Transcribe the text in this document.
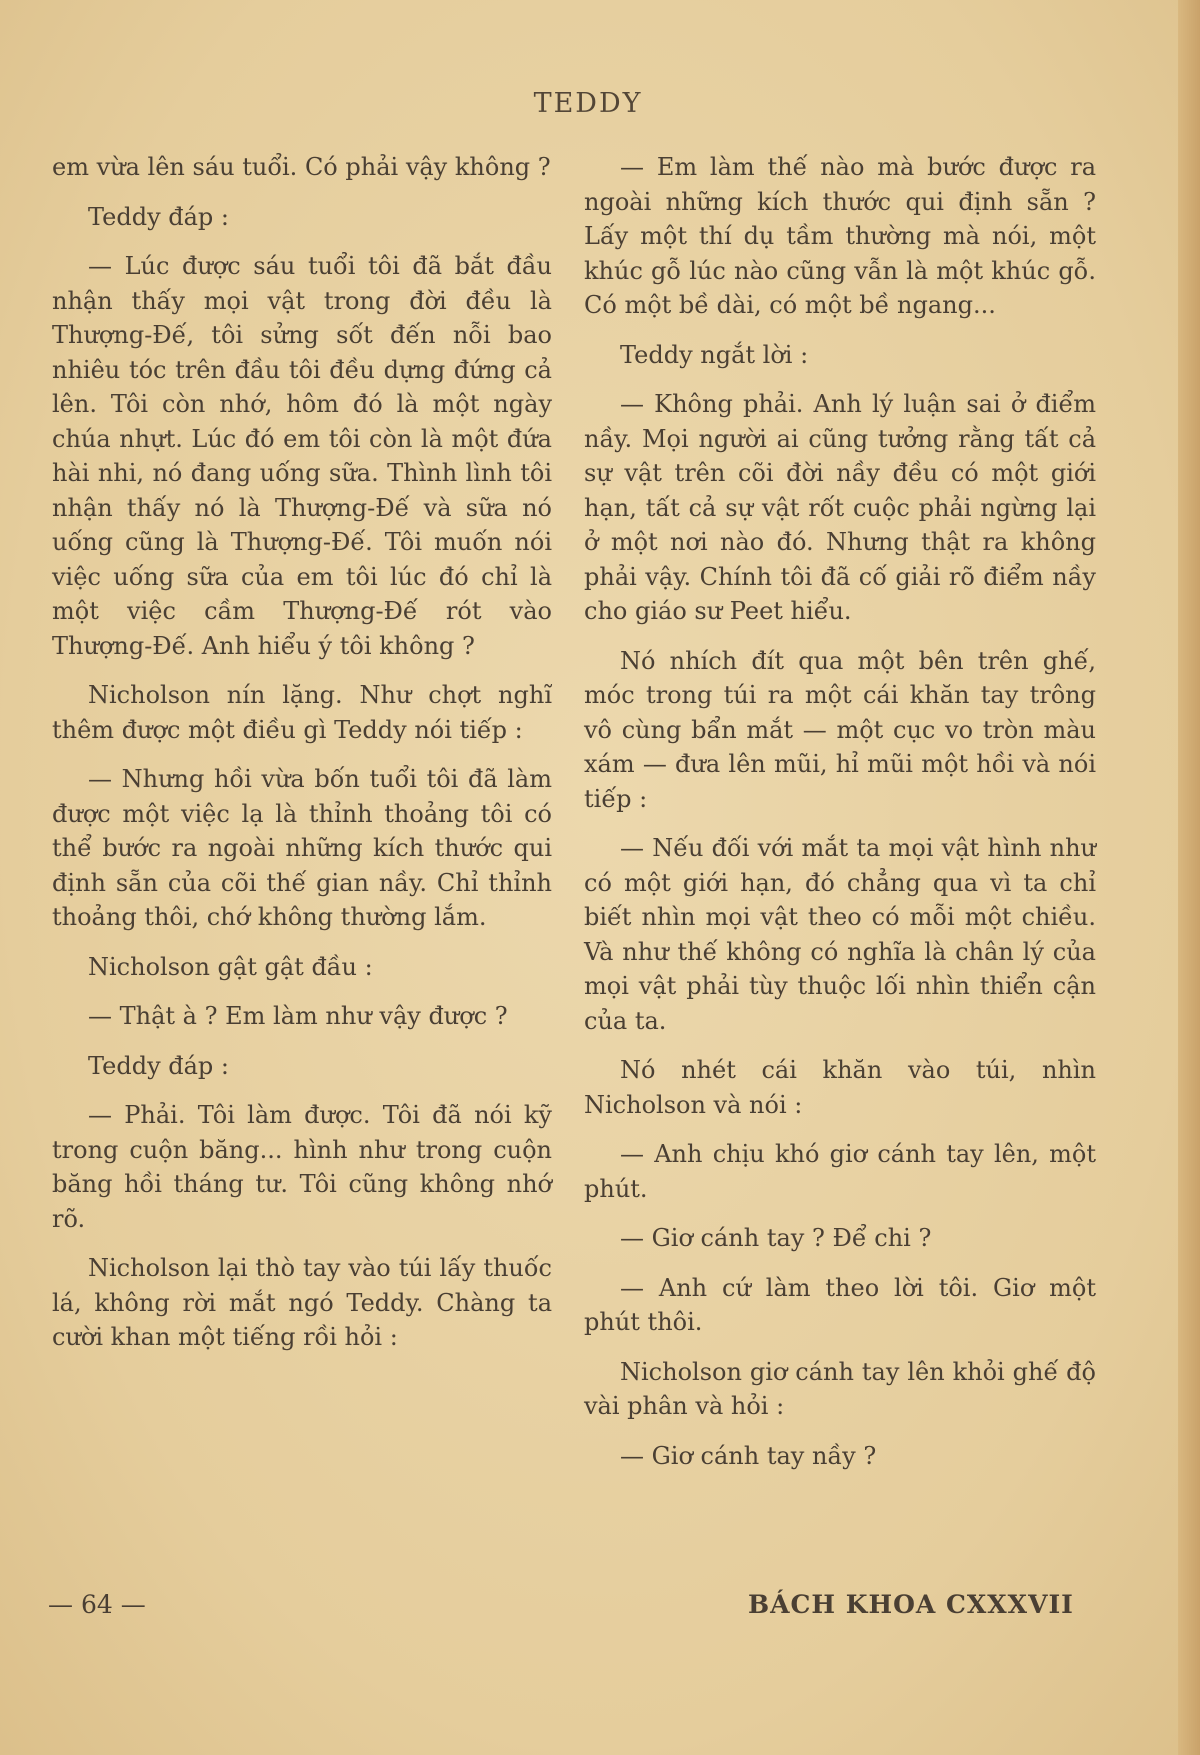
TEDDY

em vừa lên sáu tuổi. Có phải vậy không ?

Teddy đáp :

— Lúc được sáu tuổi tôi đã bắt đầu nhận thấy mọi vật trong đời đều là Thượng-Đế, tôi sửng sốt đến nỗi bao nhiêu tóc trên đầu tôi đều dựng đứng cả lên. Tôi còn nhớ, hôm đó là một ngày chúa nhựt. Lúc đó em tôi còn là một đứa hài nhi, nó đang uống sữa. Thình lình tôi nhận thấy nó là Thượng-Đế và sữa nó uống cũng là Thượng-Đế. Tôi muốn nói việc uống sữa của em tôi lúc đó chỉ là một việc cầm Thượng-Đế rót vào Thượng-Đế. Anh hiểu ý tôi không ?

Nicholson nín lặng. Như chợt nghĩ thêm được một điều gì Teddy nói tiếp :

— Nhưng hồi vừa bốn tuổi tôi đã làm được một việc lạ là thỉnh thoảng tôi có thể bước ra ngoài những kích thước qui định sẵn của cõi thế gian nầy. Chỉ thỉnh thoảng thôi, chớ không thường lắm.

Nicholson gật gật đầu :

— Thật à ? Em làm như vậy được ?

Teddy đáp :

— Phải. Tôi làm được. Tôi đã nói kỹ trong cuộn băng... hình như trong cuộn băng hồi tháng tư. Tôi cũng không nhớ rõ.

Nicholson lại thò tay vào túi lấy thuốc lá, không rời mắt ngó Teddy. Chàng ta cười khan một tiếng rồi hỏi :

— Em làm thế nào mà bước được ra ngoài những kích thước qui định sẵn ? Lấy một thí dụ tầm thường mà nói, một khúc gỗ lúc nào cũng vẫn là một khúc gỗ. Có một bề dài, có một bề ngang...

Teddy ngắt lời :

— Không phải. Anh lý luận sai ở điểm nầy. Mọi người ai cũng tưởng rằng tất cả sự vật trên cõi đời nầy đều có một giới hạn, tất cả sự vật rốt cuộc phải ngừng lại ở một nơi nào đó. Nhưng thật ra không phải vậy. Chính tôi đã cố giải rõ điểm nầy cho giáo sư Peet hiểu.

Nó nhích đít qua một bên trên ghế, móc trong túi ra một cái khăn tay trông vô cùng bẩn mắt — một cục vo tròn màu xám — đưa lên mũi, hỉ mũi một hồi và nói tiếp :

— Nếu đối với mắt ta mọi vật hình như có một giới hạn, đó chẳng qua vì ta chỉ biết nhìn mọi vật theo có mỗi một chiều. Và như thế không có nghĩa là chân lý của mọi vật phải tùy thuộc lối nhìn thiển cận của ta.

Nó nhét cái khăn vào túi, nhìn Nicholson và nói :

— Anh chịu khó giơ cánh tay lên, một phút.

— Giơ cánh tay ? Để chi ?

— Anh cứ làm theo lời tôi. Giơ một phút thôi.

Nicholson giơ cánh tay lên khỏi ghế độ vài phân và hỏi :

— Giơ cánh tay nầy ?

— 64 —	BÁCH KHOA CXXXVII
